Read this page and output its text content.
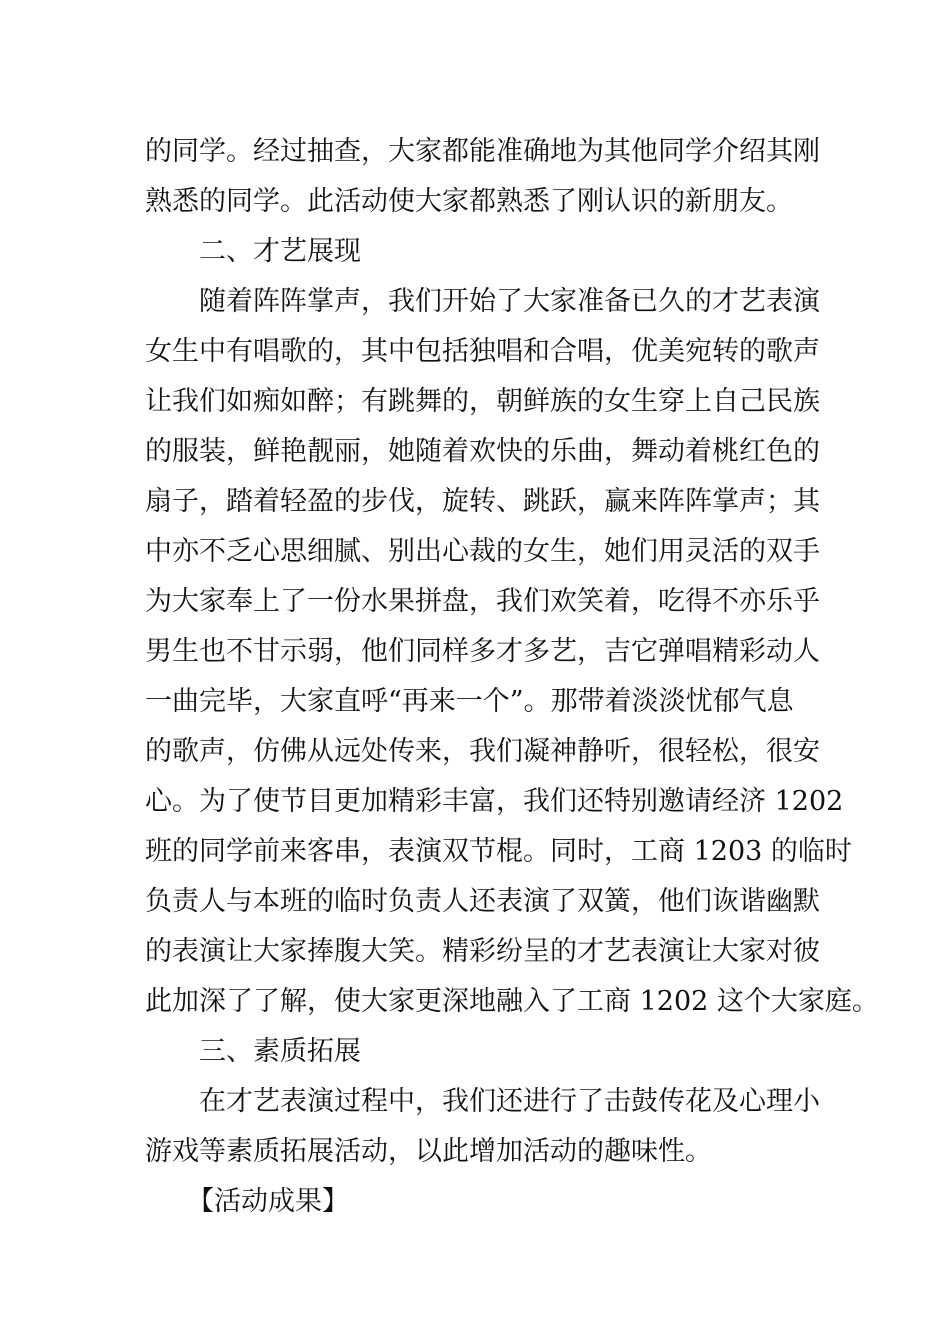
的同学。经过抽查，大家都能准确地为其他同学介绍其刚
熟悉的同学。此活动使大家都熟悉了刚认识的新朋友。
二、才艺展现
随着阵阵掌声，我们开始了大家准备已久的才艺表演
女生中有唱歌的，其中包括独唱和合唱，优美宛转的歌声
让我们如痴如醉；有跳舞的，朝鲜族的女生穿上自己民族
的服装，鲜艳靓丽，她随着欢快的乐曲，舞动着桃红色的
扇子，踏着轻盈的步伐，旋转、跳跃，赢来阵阵掌声；其
中亦不乏心思细腻、别出心裁的女生，她们用灵活的双手
为大家奉上了一份水果拼盘，我们欢笑着，吃得不亦乐乎
男生也不甘示弱，他们同样多才多艺，吉它弹唱精彩动人
一曲完毕，大家直呼“再来一个”。那带着淡淡忧郁气息
的歌声，仿佛从远处传来，我们凝神静听，很轻松，很安
心。为了使节目更加精彩丰富，我们还特别邀请经济 1202
班的同学前来客串，表演双节棍。同时，工商 1203 的临时
负责人与本班的临时负责人还表演了双簧，他们诙谐幽默
的表演让大家捧腹大笑。精彩纷呈的才艺表演让大家对彼
此加深了了解，使大家更深地融入了工商 1202 这个大家庭。
三、素质拓展
在才艺表演过程中，我们还进行了击鼓传花及心理小
游戏等素质拓展活动，以此增加活动的趣味性。
【活动成果】
